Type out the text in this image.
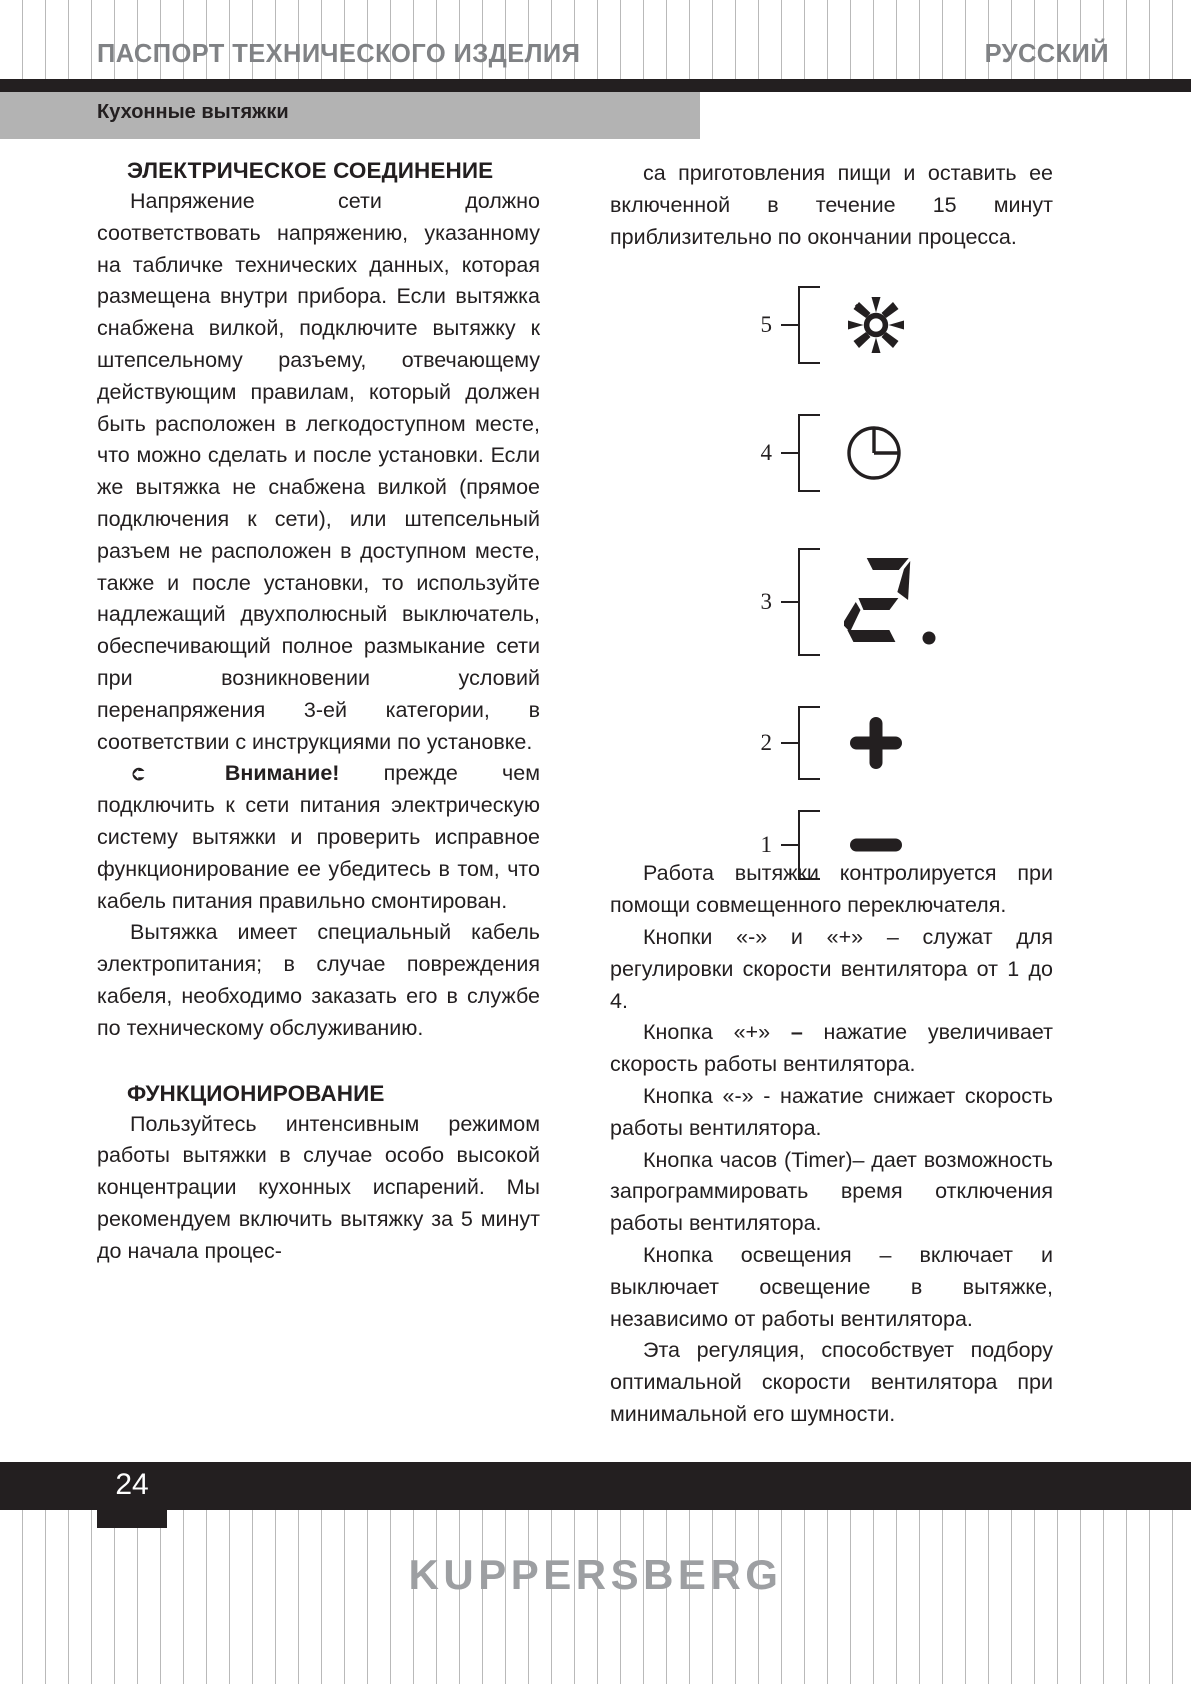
ПАСПОРТ ТЕХНИЧЕСКОГО ИЗДЕЛИЯ	РУССКИЙ
Кухонные вытяжки
ЭЛЕКТРИЧЕСКОЕ СОЕДИНЕНИЕ

Напряжение сети должно соответствовать напряжению, указанному на табличке технических данных, которая размещена внутри прибора. Если вытяжка снабжена вилкой, подключите вытяжку к штепсельному разъему, отвечающему действующим правилам, который должен быть расположен в легкодоступном месте, что можно сделать и после установки. Если же вытяжка не снабжена вилкой (прямое подключения к сети), или штепсельный разъем не расположен в доступном месте, также и после установки, то используйте надлежащий двухполюсный выключатель, обеспечивающий полное размыкание сети при возникновении условий перенапряжения 3-ей категории, в соответствии с инструкциями по установке.

➲	Внимание! прежде чем подключить к сети питания электрическую систему вытяжки и проверить исправное функционирование ее убедитесь в том, что кабель питания правильно смонтирован.

Вытяжка имеет специальный кабель электропитания; в случае повреждения кабеля, необходимо заказать его в службе по техническому обслуживанию.

ФУНКЦИОНИРОВАНИЕ

Пользуйтесь интенсивным режимом работы вытяжки в случае особо высокой концентрации кухонных испарений. Мы рекомендуем включить вытяжку за 5 минут до начала процес-

са приготовления пищи и оставить ее включенной в течение 15 минут приблизительно по окончании процесса.

5
4
3
2
1

Работа вытяжки контролируется при помощи совмещенного переключателя.

Кнопки «-» и «+» – служат для регулировки скорости вентилятора от 1 до 4.

Кнопка «+» – нажатие увеличивает скорость работы вентилятора.

Кнопка «-» - нажатие снижает скорость работы вентилятора.

Кнопка часов (Timer)– дает возможность запрограммировать время отключения работы вентилятора.

Кнопка освещения – включает и выключает освещение в вытяжке, независимо от работы вентилятора.

Эта регуляция, способствует подбору оптимальной скорости вентилятора при минимальной его шумности.

24
KUPPERSBERG
